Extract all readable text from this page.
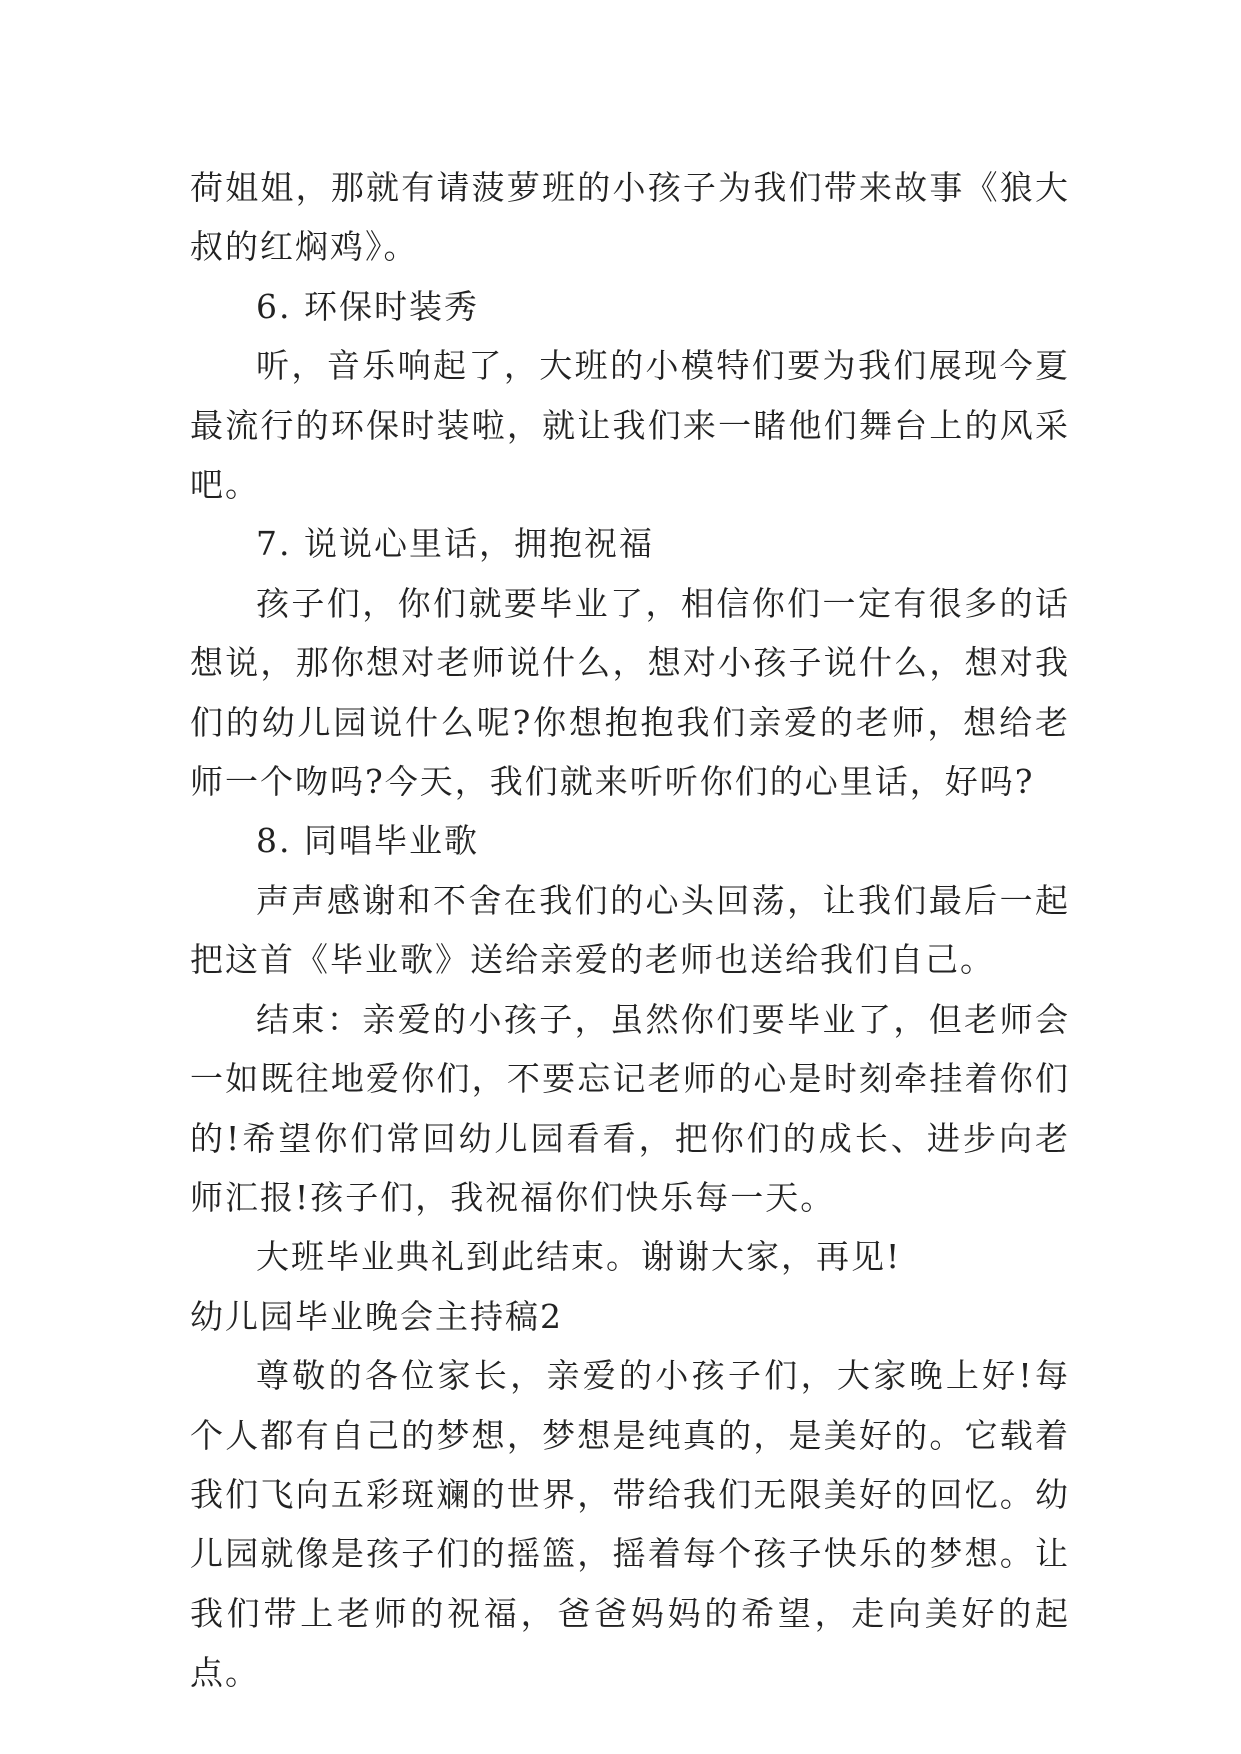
荷姐姐，那就有请菠萝班的小孩子为我们带来故事《狼大叔的红焖鸡》。

6. 环保时装秀

听，音乐响起了，大班的小模特们要为我们展现今夏最流行的环保时装啦，就让我们来一睹他们舞台上的风采吧。

7. 说说心里话，拥抱祝福

孩子们，你们就要毕业了，相信你们一定有很多的话想说，那你想对老师说什么，想对小孩子说什么，想对我们的幼儿园说什么呢?你想抱抱我们亲爱的老师，想给老师一个吻吗?今天，我们就来听听你们的心里话，好吗?

8. 同唱毕业歌

声声感谢和不舍在我们的心头回荡，让我们最后一起把这首《毕业歌》送给亲爱的老师也送给我们自己。

结束：亲爱的小孩子，虽然你们要毕业了，但老师会一如既往地爱你们，不要忘记老师的心是时刻牵挂着你们的!希望你们常回幼儿园看看，把你们的成长、进步向老师汇报!孩子们，我祝福你们快乐每一天。

大班毕业典礼到此结束。谢谢大家，再见!

幼儿园毕业晚会主持稿2

尊敬的各位家长，亲爱的小孩子们，大家晚上好!每个人都有自己的梦想，梦想是纯真的，是美好的。它载着我们飞向五彩斑斓的世界，带给我们无限美好的回忆。幼儿园就像是孩子们的摇篮，摇着每个孩子快乐的梦想。让我们带上老师的祝福，爸爸妈妈的希望，走向美好的起点。
